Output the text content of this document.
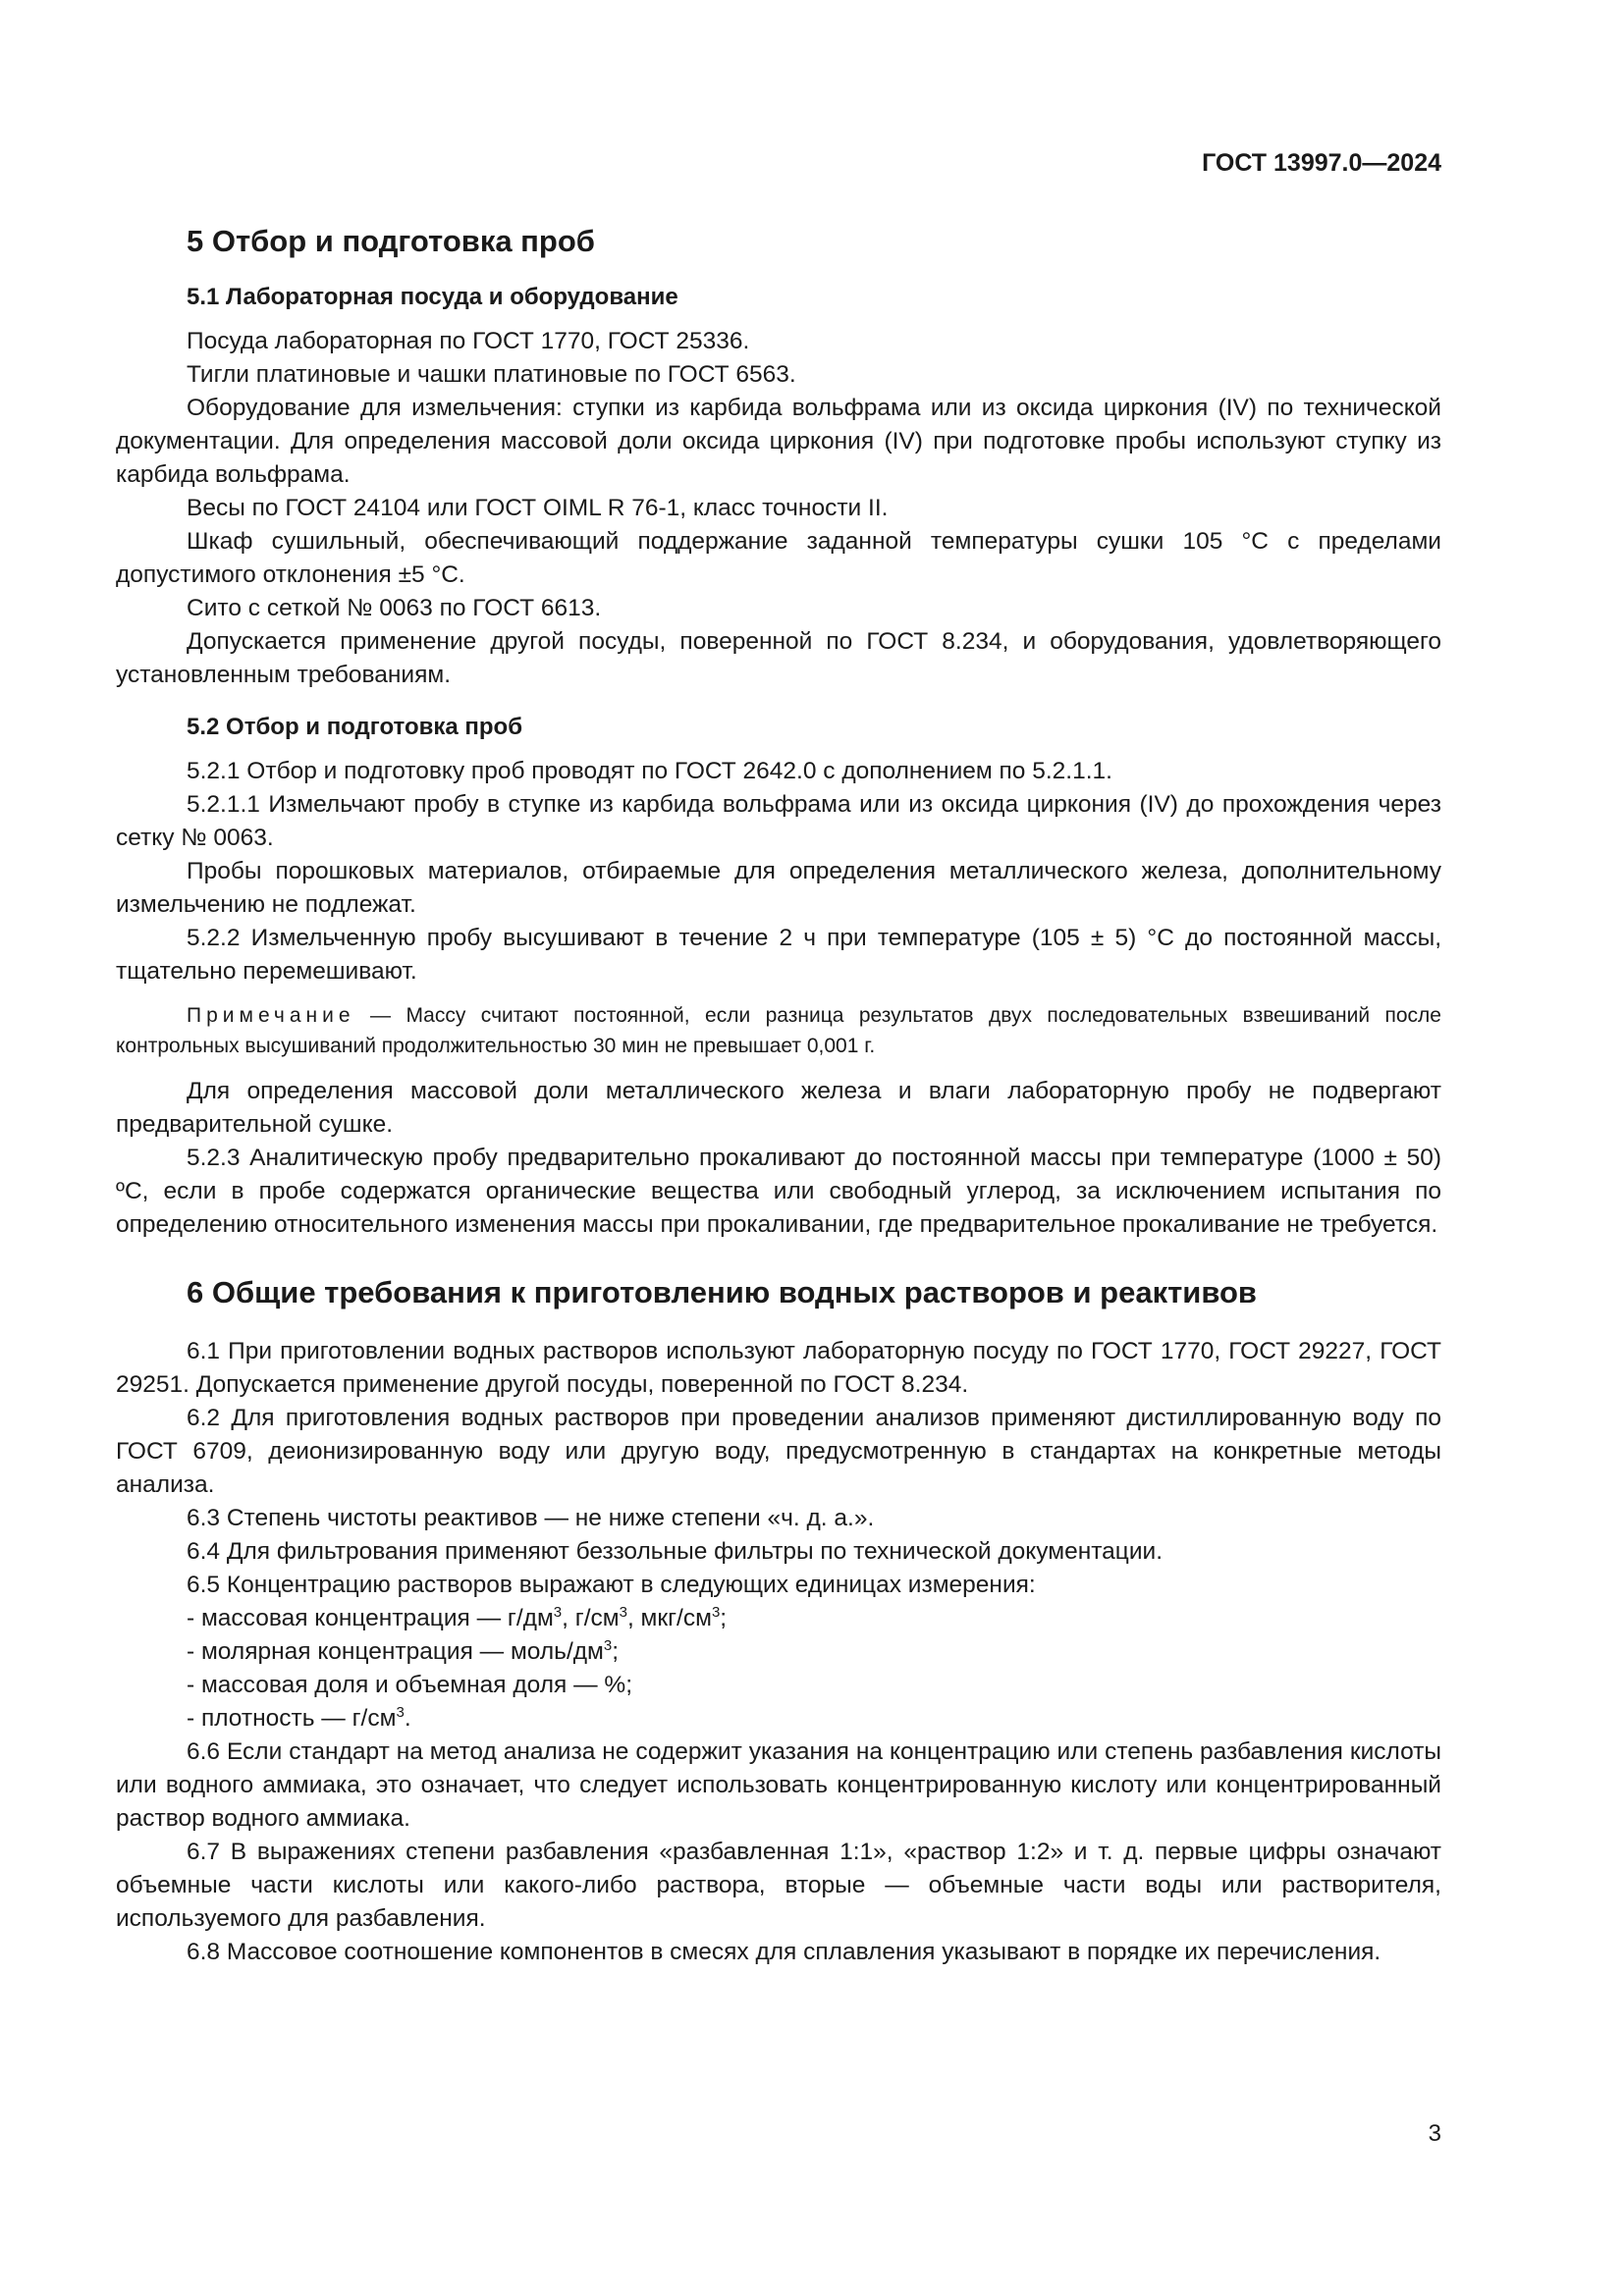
ГОСТ 13997.0—2024
5 Отбор и подготовка проб
5.1 Лабораторная посуда и оборудование

Посуда лабораторная по ГОСТ 1770, ГОСТ 25336.

Тигли платиновые и чашки платиновые по ГОСТ 6563.

Оборудование для измельчения: ступки из карбида вольфрама или из оксида циркония (IV) по технической документации. Для определения массовой доли оксида циркония (IV) при подготовке пробы используют ступку из карбида вольфрама.

Весы по ГОСТ 24104 или ГОСТ OIML R 76-1, класс точности II.

Шкаф сушильный, обеспечивающий поддержание заданной температуры сушки 105 °С с пределами допустимого отклонения ±5 °С.

Сито с сеткой № 0063 по ГОСТ 6613.

Допускается применение другой посуды, поверенной по ГОСТ 8.234, и оборудования, удовлетворяющего установленным требованиям.

5.2 Отбор и подготовка проб

5.2.1 Отбор и подготовку проб проводят по ГОСТ 2642.0 с дополнением по 5.2.1.1.

5.2.1.1 Измельчают пробу в ступке из карбида вольфрама или из оксида циркония (IV) до прохождения через сетку № 0063.

Пробы порошковых материалов, отбираемые для определения металлического железа, дополнительному измельчению не подлежат.

5.2.2 Измельченную пробу высушивают в течение 2 ч при температуре (105 ± 5) °С до постоянной массы, тщательно перемешивают.

Примечание — Массу считают постоянной, если разница результатов двух последовательных взвешиваний после контрольных высушиваний продолжительностью 30 мин не превышает 0,001 г.

Для определения массовой доли металлического железа и влаги лабораторную пробу не подвергают предварительной сушке.

5.2.3 Аналитическую пробу предварительно прокаливают до постоянной массы при температуре (1000 ± 50) ºС, если в пробе содержатся органические вещества или свободный углерод, за исключением испытания по определению относительного изменения массы при прокаливании, где предварительное прокаливание не требуется.

6 Общие требования к приготовлению водных растворов и реактивов

6.1 При приготовлении водных растворов используют лабораторную посуду по ГОСТ 1770, ГОСТ 29227, ГОСТ 29251. Допускается применение другой посуды, поверенной по ГОСТ 8.234.

6.2 Для приготовления водных растворов при проведении анализов применяют дистиллированную воду по ГОСТ 6709, деионизированную воду или другую воду, предусмотренную в стандартах на конкретные методы анализа.

6.3 Степень чистоты реактивов — не ниже степени «ч. д. а.».

6.4 Для фильтрования применяют беззольные фильтры по технической документации.

6.5 Концентрацию растворов выражают в следующих единицах измерения:

- массовая концентрация — $г/дм^3$, $г/см^3$, мкг/$см^3$;
- молярная концентрация — моль/$дм^3$;
- массовая доля и объемная доля — %;
- плотность — $г/см^3$.

6.6 Если стандарт на метод анализа не содержит указания на концентрацию или степень разбавления кислоты или водного аммиака, это означает, что следует использовать концентрированную кислоту или концентрированный раствор водного аммиака.

6.7 В выражениях степени разбавления «разбавленная 1:1», «раствор 1:2» и т. д. первые цифры означают объемные части кислоты или какого-либо раствора, вторые — объемные части воды или растворителя, используемого для разбавления.

6.8 Массовое соотношение компонентов в смесях для сплавления указывают в порядке их перечисления.

3
